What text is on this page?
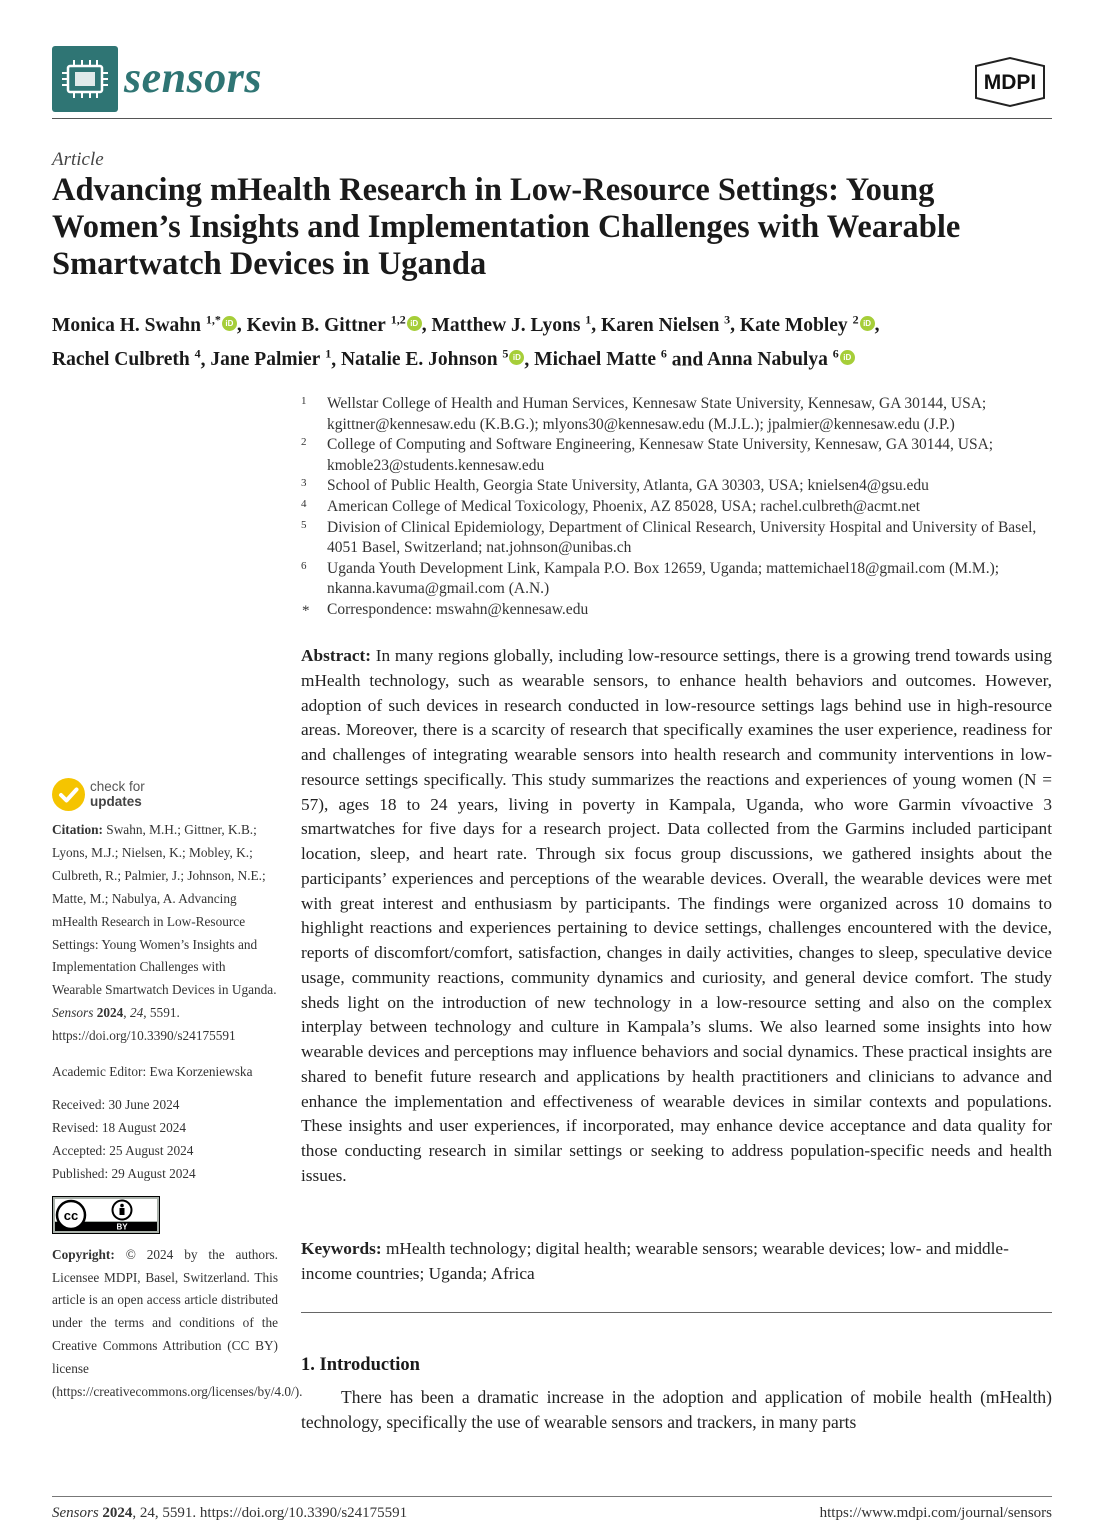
sensors	MDPI
Article
Advancing mHealth Research in Low-Resource Settings: Young Women’s Insights and Implementation Challenges with Wearable Smartwatch Devices in Uganda
Monica H. Swahn $^{1,*}$ iD , Kevin B. Gittner $^{1,2}$ iD , Matthew J. Lyons $^1$, Karen Nielsen $^3$, Kate Mobley $^2$ iD ,
Rachel Culbreth $^4$, Jane Palmier $^1$, Natalie E. Johnson $^5$ iD , Michael Matte $^6$ and Anna Nabulya $^6$ iD
1 Wellstar College of Health and Human Services, Kennesaw State University, Kennesaw, GA 30144, USA; kgittner@kennesaw.edu (K.B.G.); mlyons30@kennesaw.edu (M.J.L.); jpalmier@kennesaw.edu (J.P.)
2 College of Computing and Software Engineering, Kennesaw State University, Kennesaw, GA 30144, USA; kmoble23@students.kennesaw.edu
3 School of Public Health, Georgia State University, Atlanta, GA 30303, USA; knielsen4@gsu.edu
4 American College of Medical Toxicology, Phoenix, AZ 85028, USA; rachel.culbreth@acmt.net
5 Division of Clinical Epidemiology, Department of Clinical Research, University Hospital and University of Basel, 4051 Basel, Switzerland; nat.johnson@unibas.ch
6 Uganda Youth Development Link, Kampala P.O. Box 12659, Uganda; mattemichael18@gmail.com (M.M.); nkanna.kavuma@gmail.com (A.N.)
* Correspondence: mswahn@kennesaw.edu

Abstract: In many regions globally, including low-resource settings, there is a growing trend towards using mHealth technology, such as wearable sensors, to enhance health behaviors and outcomes. However, adoption of such devices in research conducted in low-resource settings lags behind use in high-resource areas. Moreover, there is a scarcity of research that specifically examines the user experience, readiness for and challenges of integrating wearable sensors into health research and community interventions in low-resource settings specifically. This study summarizes the reactions and experiences of young women (N = 57), ages 18 to 24 years, living in poverty in Kampala, Uganda, who wore Garmin vívoactive 3 smartwatches for five days for a research project. Data collected from the Garmins included participant location, sleep, and heart rate. Through six focus group discussions, we gathered insights about the participants’ experiences and perceptions of the wearable devices. Overall, the wearable devices were met with great interest and enthusiasm by participants. The findings were organized across 10 domains to highlight reactions and experiences pertaining to device settings, challenges encountered with the device, reports of discomfort/comfort, satisfaction, changes in daily activities, changes to sleep, speculative device usage, community reactions, community dynamics and curiosity, and general device comfort. The study sheds light on the introduction of new technology in a low-resource setting and also on the complex interplay between technology and culture in Kampala’s slums. We also learned some insights into how wearable devices and perceptions may influence behaviors and social dynamics. These practical insights are shared to benefit future research and applications by health practitioners and clinicians to advance and enhance the implementation and effectiveness of wearable devices in similar contexts and populations. These insights and user experiences, if incorporated, may enhance device acceptance and data quality for those conducting research in similar settings or seeking to address population-specific needs and health issues.

Keywords: mHealth technology; digital health; wearable sensors; wearable devices; low- and middle-income countries; Uganda; Africa

1. Introduction

There has been a dramatic increase in the adoption and application of mobile health (mHealth) technology, specifically the use of wearable sensors and trackers, in many parts

check for
updates

Citation: Swahn, M.H.; Gittner, K.B.; Lyons, M.J.; Nielsen, K.; Mobley, K.; Culbreth, R.; Palmier, J.; Johnson, N.E.; Matte, M.; Nabulya, A. Advancing mHealth Research in Low-Resource Settings: Young Women’s Insights and Implementation Challenges with Wearable Smartwatch Devices in Uganda. Sensors 2024, 24, 5591. https://doi.org/10.3390/s24175591

Academic Editor: Ewa Korzeniewska

Received: 30 June 2024

Revised: 18 August 2024

Accepted: 25 August 2024

Published: 29 August 2024

cc
BY

Copyright: © 2024 by the authors. Licensee MDPI, Basel, Switzerland. This article is an open access article distributed under the terms and conditions of the Creative Commons Attribution (CC BY) license (https://creativecommons.org/licenses/by/4.0/).

Sensors 2024, 24, 5591. https://doi.org/10.3390/s24175591	https://www.mdpi.com/journal/sensors
